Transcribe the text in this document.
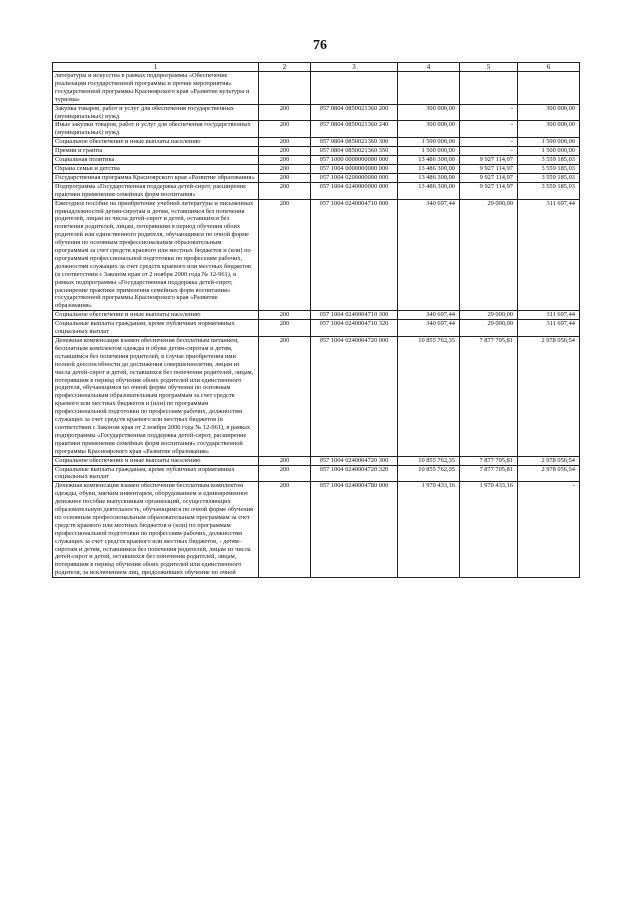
76
1	2	3	4	5	6
литературы и искусства в рамках подпрограммы «Обеспечение реализации государственной программы и прочие мероприятия» государственной программы Красноярского края «Развитие культуры и туризма»					
Закупка товаров, работ и услуг для обеспечения государственных (муниципальных) нужд	200	057 0804 0850021360 200	300 000,00	-	300 000,00
Иные закупки товаров, работ и услуг для обеспечения государственных (муниципальных) нужд	200	057 0804 0850021360 240	300 000,00	-	300 000,00
Социальное обеспечение и иные выплаты населению	200	057 0804 0850021360 300	1 500 000,00	-	1 500 000,00
Премии и гранты	200	057 0804 0850021360 350	1 500 000,00	-	1 500 000,00
Социальная политика	200	057 1000 0000000000 000	13 486 300,00	9 927 114,97	3 559 185,03
Охрана семьи и детства	200	057 1004 0000000000 000	13 486 300,00	9 927 114,97	3 559 185,03
Государственная программа Красноярского края «Развитие образования»	200	057 1004 0200000000 000	13 486 300,00	9 927 114,97	3 559 185,03
Подпрограмма «Государственная поддержка детей-сирот, расширение практики применения семейных форм воспитания»	200	057 1004 0240000000 000	13 486 300,00	9 927 114,97	3 559 185,03
Ежегодное пособие на приобретение учебной литературы и письменных принадлежностей детям-сиротам и детям, оставшимся без попечения родителей, лицам из числа детей-сирот и детей, оставшихся без попечения родителей, лицам, потерявшим в период обучения обоих родителей или единственного родителя, обучающимся по очной форме обучения по основным профессиональным образовательным программам за счет средств краевого или местных бюджетов и (или) по программам профессиональной подготовки по профессиям рабочих, должностям служащих за счет средств краевого или местных бюджетов (в соответствии с Законом края от 2 ноября 2000 года № 12-961), в рамках подпрограммы «Государственная поддержка детей-сирот, расширение практики применения семейных форм воспитания» государственной программы Красноярского края «Развитие образования»	200	057 1004 0240004710 000	340 697,44	29 000,00	311 697,44
Социальное обеспечение и иные выплаты населению	200	057 1004 0240004710 300	340 697,44	29 000,00	311 697,44
Социальные выплаты гражданам, кроме публичных нормативных социальных выплат	200	057 1004 0240004710 320	340 697,44	29 000,00	311 697,44
Денежная компенсация взамен обеспечения бесплатным питанием, бесплатным комплектом одежды и обуви детям-сиротам и детям, оставшимся без попечения родителей, в случае приобретения ими полной дееспособности до достижения совершеннолетия, лицам из числа детей-сирот и детей, оставшихся без попечения родителей, лицам, потерявшим в период обучения обоих родителей или единственного родителя, обучающимся по очной форме обучения по основным профессиональным образовательным программам за счет средств краевого или местных бюджетов и (или) по программам профессиональной подготовки по профессиям рабочих, должностям служащих за счет средств краевого или местных бюджетов (в соответствии с Законом края от 2 ноября 2000 года № 12-961), в рамках подпрограммы «Государственная поддержка детей-сирот, расширение практики применения семейных форм воспитания» государственной программы Красноярского края «Развитие образования»	200	057 1004 0240004720 000	10 855 762,35	7 877 705,81	2 978 056,54
Социальное обеспечение и иные выплаты населению	200	057 1004 0240004720 300	10 855 762,35	7 877 705,81	2 978 056,54
Социальные выплаты гражданам, кроме публичных нормативных социальных выплат	200	057 1004 0240004720 320	10 855 762,35	7 877 705,81	2 978 056,54
Денежная компенсация взамен обеспечения бесплатным комплектом одежды, обуви, мягким инвентарем, оборудованием и единовременное денежное пособие выпускникам организаций, осуществляющих образовательную деятельность, обучающимся по очной форме обучения по основным профессиональным образовательным программам за счет средств краевого или местных бюджетов и (или) по программам профессиональной подготовки по профессиям рабочих, должностям служащих за счет средств краевого или местных бюджетов, - детям-сиротам и детям, оставшимся без попечения родителей, лицам из числа детей-сирот и детей, оставшихся без попечения родителей, лицам, потерявшим в период обучения обоих родителей или единственного родителя, за исключением лиц, продолживших обучение по очной	200	057 1004 0240004780 000	1 970 433,16	1 970 433,16	-
